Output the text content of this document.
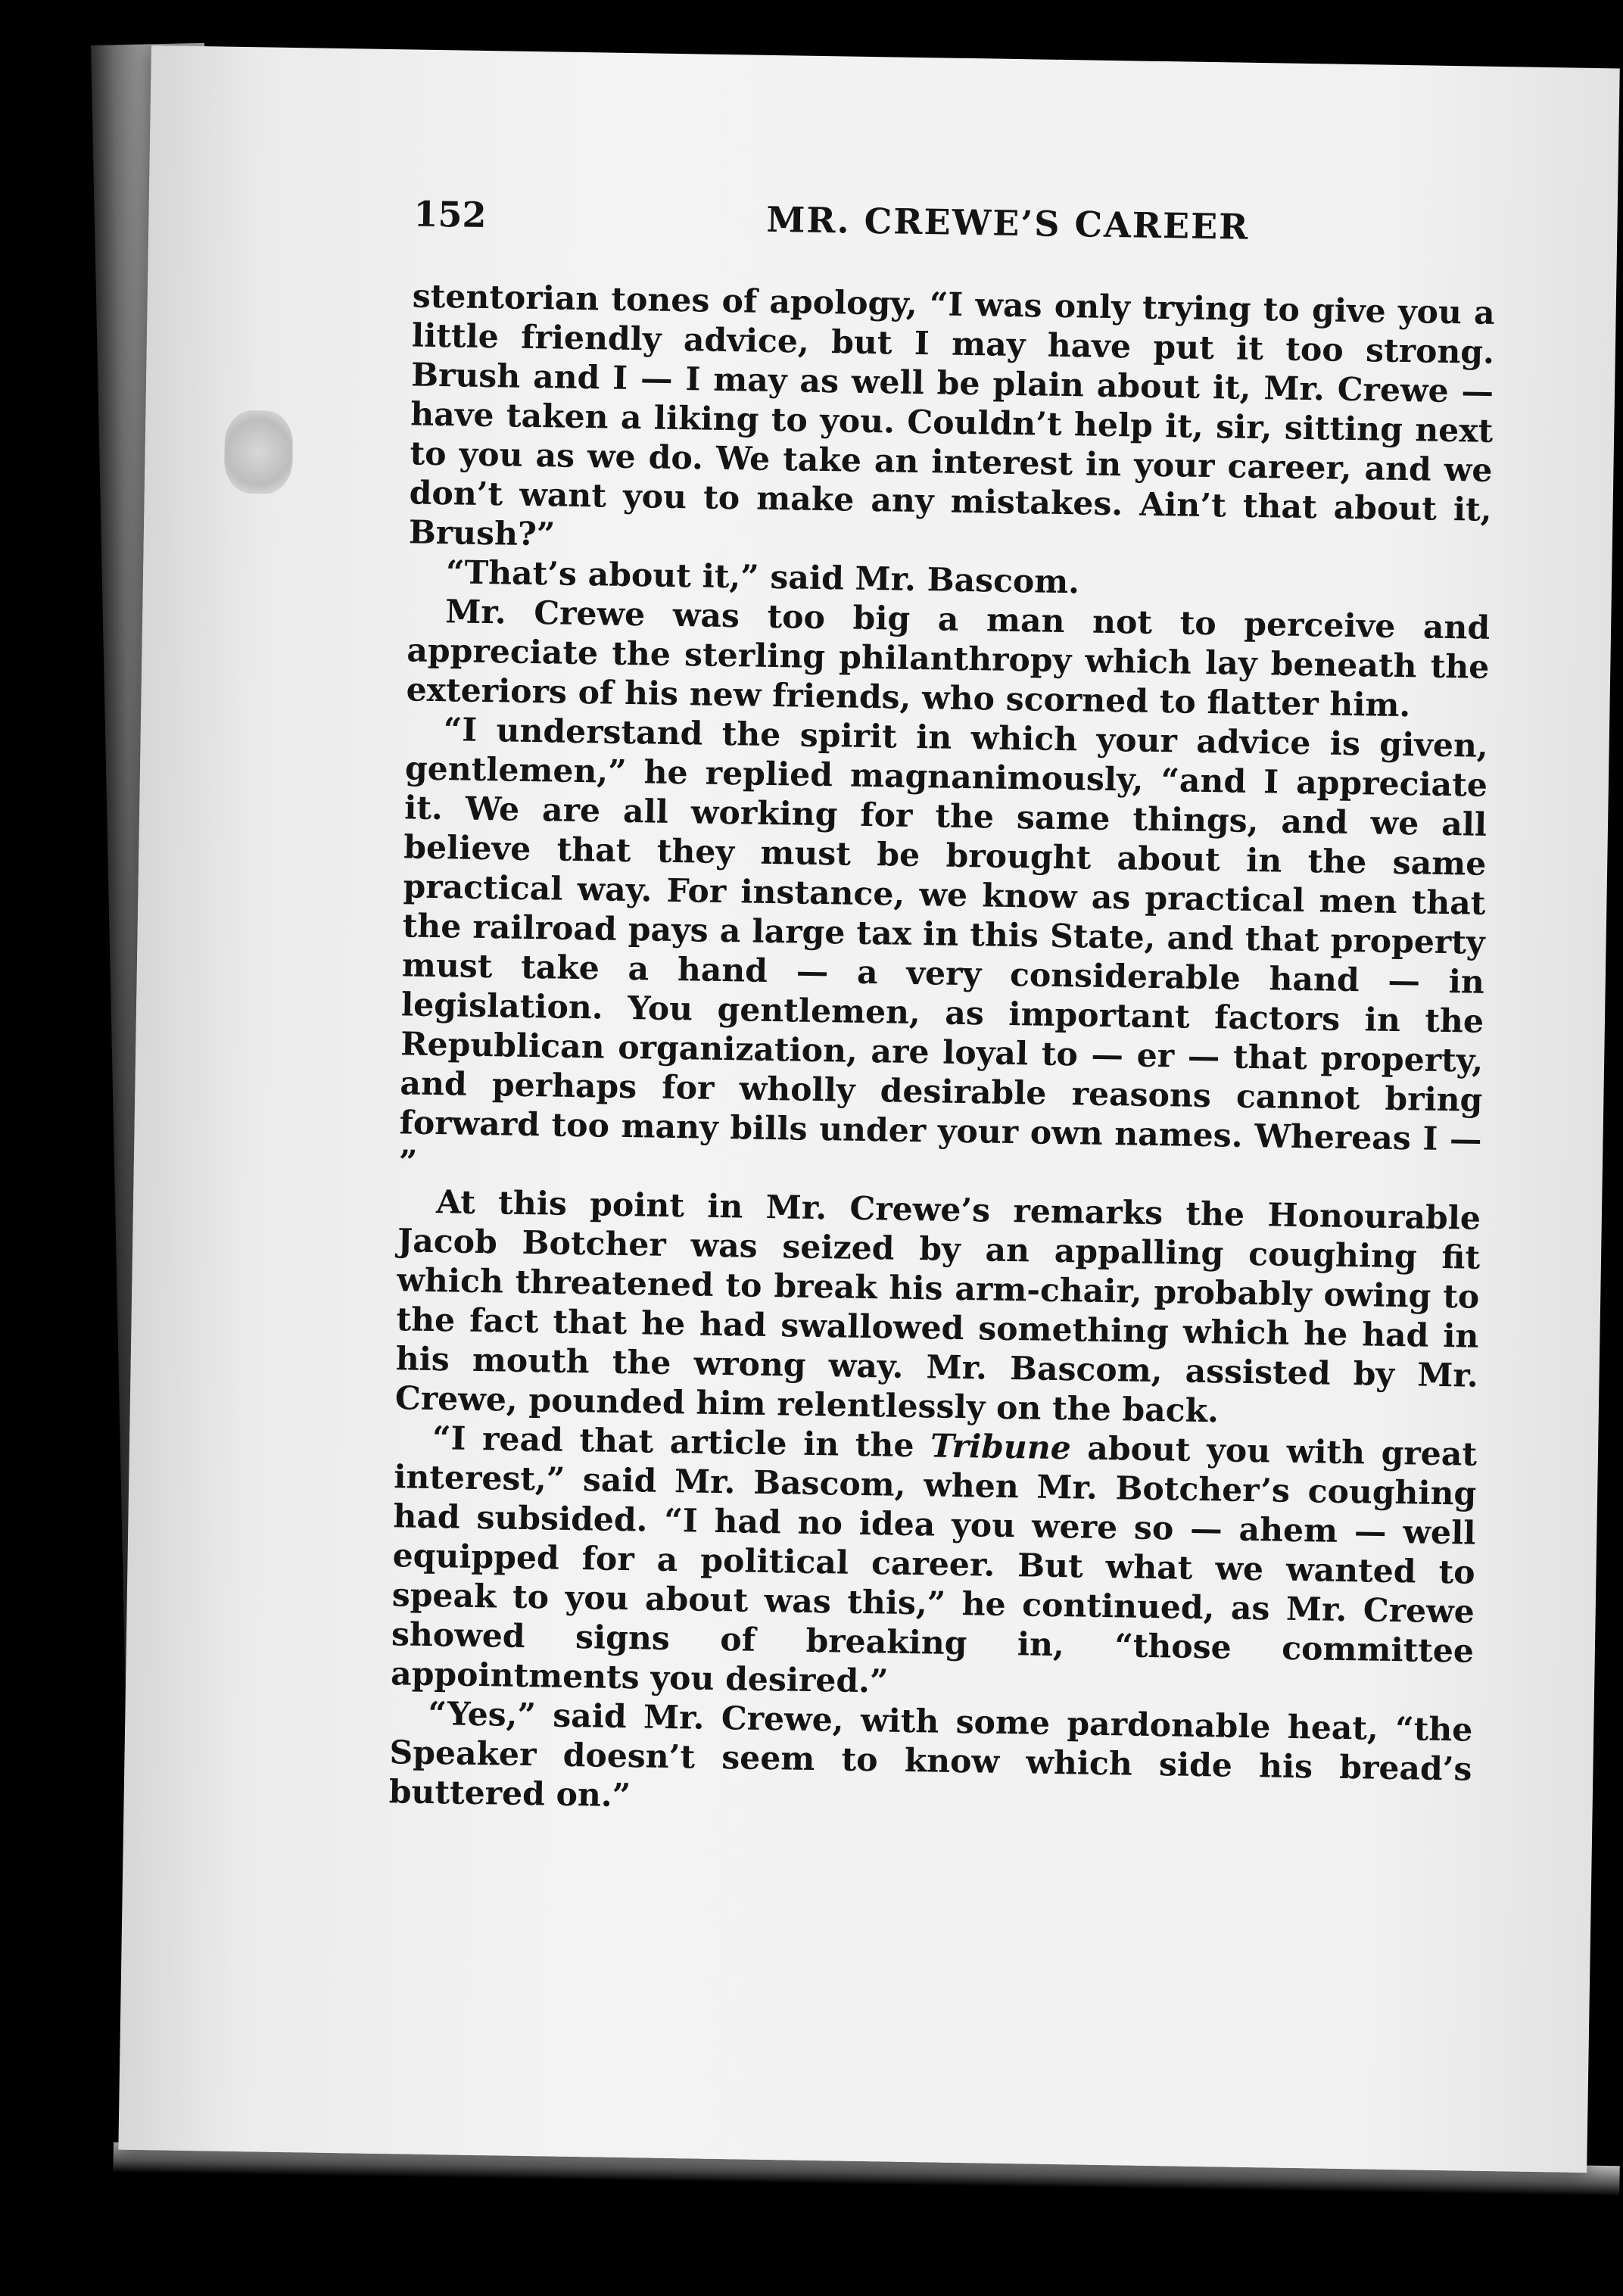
152	MR. CREWE’S CAREER

stentorian tones of apology, “I was only trying to give you a little friendly advice, but I may have put it too strong. Brush and I — I may as well be plain about it, Mr. Crewe — have taken a liking to you. Couldn’t help it, sir, sitting next to you as we do. We take an interest in your career, and we don’t want you to make any mistakes. Ain’t that about it, Brush?”

“That’s about it,” said Mr. Bascom.

Mr. Crewe was too big a man not to perceive and appreciate the sterling philanthropy which lay beneath the exteriors of his new friends, who scorned to flatter him.

“I understand the spirit in which your advice is given, gentlemen,” he replied magnanimously, “and I appreciate it. We are all working for the same things, and we all believe that they must be brought about in the same practical way. For instance, we know as practical men that the railroad pays a large tax in this State, and that property must take a hand — a very considerable hand — in legislation. You gentlemen, as important factors in the Republican organization, are loyal to — er — that property, and perhaps for wholly desirable reasons cannot bring forward too many bills under your own names. Whereas I — ”

At this point in Mr. Crewe’s remarks the Honourable Jacob Botcher was seized by an appalling coughing fit which threatened to break his arm-chair, probably owing to the fact that he had swallowed something which he had in his mouth the wrong way. Mr. Bascom, assisted by Mr. Crewe, pounded him relentlessly on the back.

“I read that article in the Tribune about you with great interest,” said Mr. Bascom, when Mr. Botcher’s coughing had subsided. “I had no idea you were so — ahem — well equipped for a political career. But what we wanted to speak to you about was this,” he continued, as Mr. Crewe showed signs of breaking in, “those committee appointments you desired.”

“Yes,” said Mr. Crewe, with some pardonable heat, “the Speaker doesn’t seem to know which side his bread’s buttered on.”
